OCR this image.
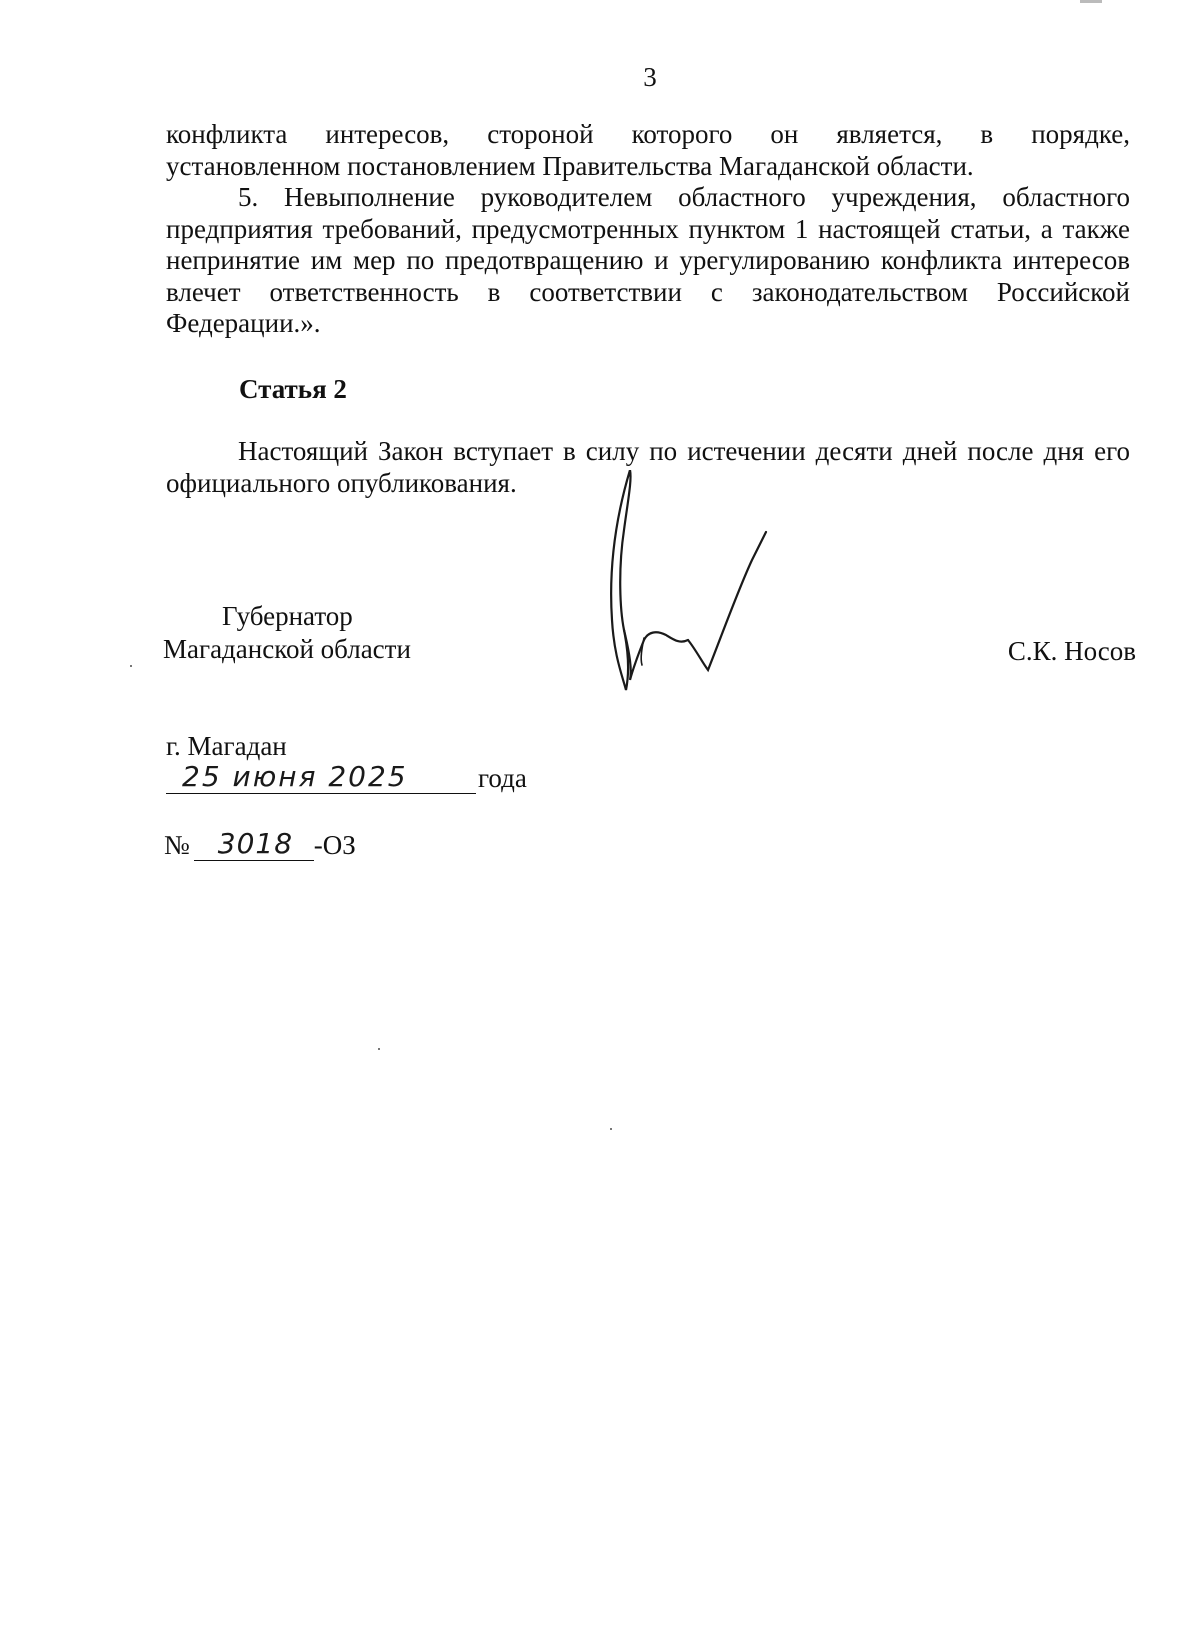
3

конфликта интересов, стороной которого он является, в порядке,
установленном постановлением Правительства Магаданской области.

5. Невыполнение руководителем областного учреждения, областного предприятия требований, предусмотренных пунктом 1 настоящей статьи, а также непринятие им мер по предотвращению и урегулированию конфликта интересов влечет ответственность в соответствии с законодательством Российской Федерации.».

Статья 2

Настоящий Закон вступает в силу по истечении десяти дней после дня его официального опубликования.

Губернатор
Магаданской области	С.К. Носов
г. Магадан
25 июня 2025	года
№	3018 -ОЗ
